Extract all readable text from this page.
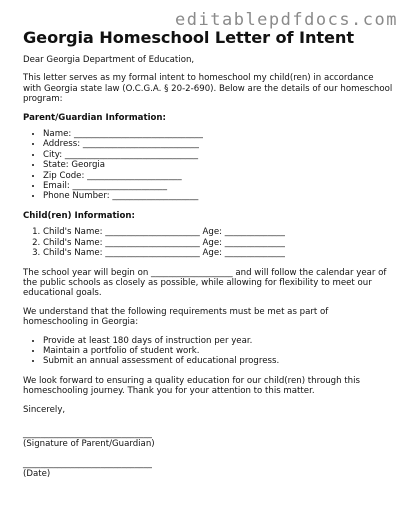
editablepdfdocs.com
Georgia Homeschool Letter of Intent

Dear Georgia Department of Education,

This letter serves as my formal intent to homeschool my child(ren) in accordance with Georgia state law (O.C.G.A. § 20-2-690). Below are the details of our homeschool program:

Parent/Guardian Information:
• Name: ______________________________
• Address: ___________________________
• City: _______________________________
• State: Georgia
• Zip Code: ______________________
• Email: ______________________
• Phone Number: ____________________
Child(ren) Information:
1. Child's Name: ______________________ Age: ______________
2. Child's Name: ______________________ Age: ______________
3. Child's Name: ______________________ Age: ______________

The school year will begin on ___________________ and will follow the calendar year of the public schools as closely as possible, while allowing for flexibility to meet our educational goals.

We understand that the following requirements must be met as part of homeschooling in Georgia:

• Provide at least 180 days of instruction per year.
• Maintain a portfolio of student work.
• Submit an annual assessment of educational progress.

We look forward to ensuring a quality education for our child(ren) through this homeschooling journey. Thank you for your attention to this matter.

Sincerely,

______________________________
(Signature of Parent/Guardian)
______________________________
(Date)
